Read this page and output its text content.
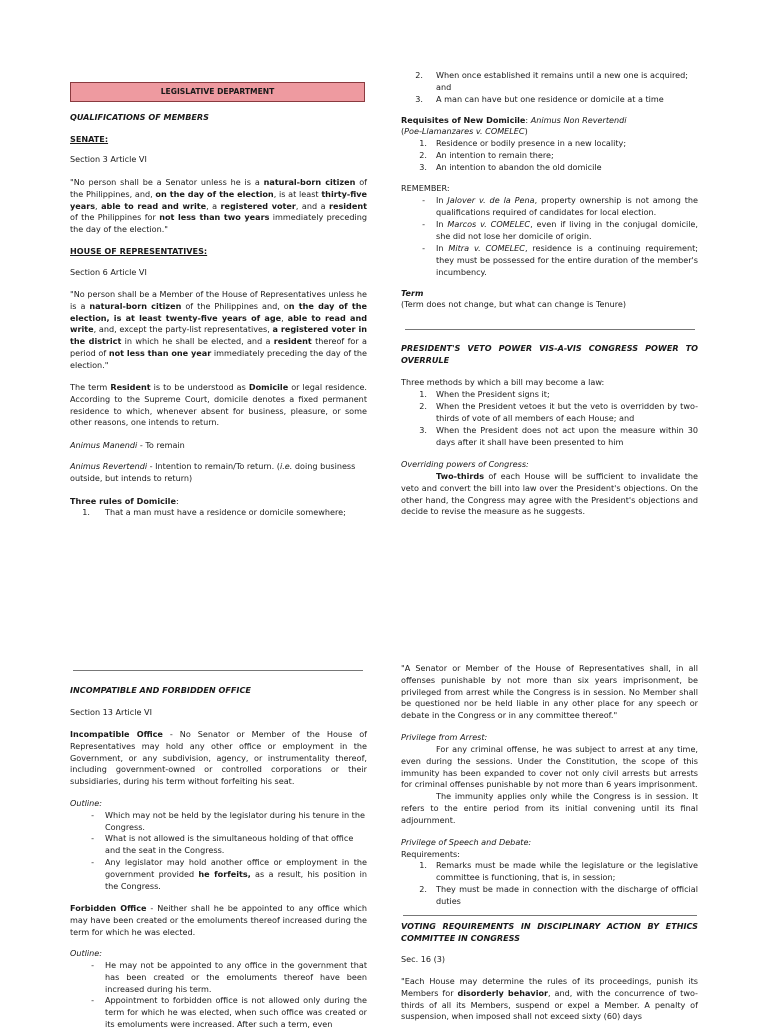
LEGISLATIVE DEPARTMENT

QUALIFICATIONS OF MEMBERS

SENATE:

Section 3 Article VI

"No person shall be a Senator unless he is a natural-born citizen of the Philippines, and, on the day of the election, is at least thirty-five years, able to read and write, a registered voter, and a resident of the Philippines for not less than two years immediately preceding the day of the election."

HOUSE OF REPRESENTATIVES:

Section 6 Article VI

"No person shall be a Member of the House of Representatives unless he is a natural-born citizen of the Philippines and, on the day of the election, is at least twenty-five years of age, able to read and write, and, except the party-list representatives, a registered voter in the district in which he shall be elected, and a resident thereof for a period of not less than one year immediately preceding the day of the election."

The term Resident is to be understood as Domicile or legal residence. According to the Supreme Court, domicile denotes a fixed permanent residence to which, whenever absent for business, pleasure, or some other reasons, one intends to return.

Animus Manendi - To remain

Animus Revertendi - Intention to remain/To return. (i.e. doing business outside, but intends to return)

Three rules of Domicile:

1. That a man must have a residence or domicile somewhere;
2. When once established it remains until a new one is acquired; and
3. A man can have but one residence or domicile at a time

Requisites of New Domicile: Animus Non Revertendi

(Poe-Llamanzares v. COMELEC)

1. Residence or bodily presence in a new locality;
2. An intention to remain there;
3. An intention to abandon the old domicile

REMEMBER:

- In Jalover v. de la Pena, property ownership is not among the qualifications required of candidates for local election.
- In Marcos v. COMELEC, even if living in the conjugal domicile, she did not lose her domicile of origin.
- In Mitra v. COMELEC, residence is a continuing requirement; they must be possessed for the entire duration of the member's incumbency.

Term

(Term does not change, but what can change is Tenure)

PRESIDENT'S VETO POWER VIS-A-VIS CONGRESS POWER TO OVERRULE

Three methods by which a bill may become a law:

1. When the President signs it;
2. When the President vetoes it but the veto is overridden by two-thirds of vote of all members of each House; and
3. When the President does not act upon the measure within 30 days after it shall have been presented to him

Overriding powers of Congress:

Two-thirds of each House will be sufficient to invalidate the veto and convert the bill into law over the President's objections. On the other hand, the Congress may agree with the President's objections and decide to revise the measure as he suggests.

INCOMPATIBLE AND FORBIDDEN OFFICE

Section 13 Article VI

Incompatible Office - No Senator or Member of the House of Representatives may hold any other office or employment in the Government, or any subdivision, agency, or instrumentality thereof, including government-owned or controlled corporations or their subsidiaries, during his term without forfeiting his seat.

Outline:

- Which may not be held by the legislator during his tenure in the Congress.
- What is not allowed is the simultaneous holding of that office and the seat in the Congress.
- Any legislator may hold another office or employment in the government provided he forfeits, as a result, his position in the Congress.

Forbidden Office - Neither shall he be appointed to any office which may have been created or the emoluments thereof increased during the term for which he was elected.

Outline:

- He may not be appointed to any office in the government that has been created or the emoluments thereof have been increased during his term.
- Appointment to forbidden office is not allowed only during the term for which he was elected, when such office was created or its emoluments were increased. After such a term, even

"A Senator or Member of the House of Representatives shall, in all offenses punishable by not more than six years imprisonment, be privileged from arrest while the Congress is in session. No Member shall be questioned nor be held liable in any other place for any speech or debate in the Congress or in any committee thereof."

Privilege from Arrest:

For any criminal offense, he was subject to arrest at any time, even during the sessions. Under the Constitution, the scope of this immunity has been expanded to cover not only civil arrests but arrests for criminal offenses punishable by not more than 6 years imprisonment.

The immunity applies only while the Congress is in session. It refers to the entire period from its initial convening until its final adjournment.

Privilege of Speech and Debate:

Requirements:

1. Remarks must be made while the legislature or the legislative committee is functioning, that is, in session;
2. They must be made in connection with the discharge of official duties

VOTING REQUIREMENTS IN DISCIPLINARY ACTION BY ETHICS COMMITTEE IN CONGRESS

Sec. 16 (3)

"Each House may determine the rules of its proceedings, punish its Members for disorderly behavior, and, with the concurrence of two-thirds of all its Members, suspend or expel a Member. A penalty of suspension, when imposed shall not exceed sixty (60) days
